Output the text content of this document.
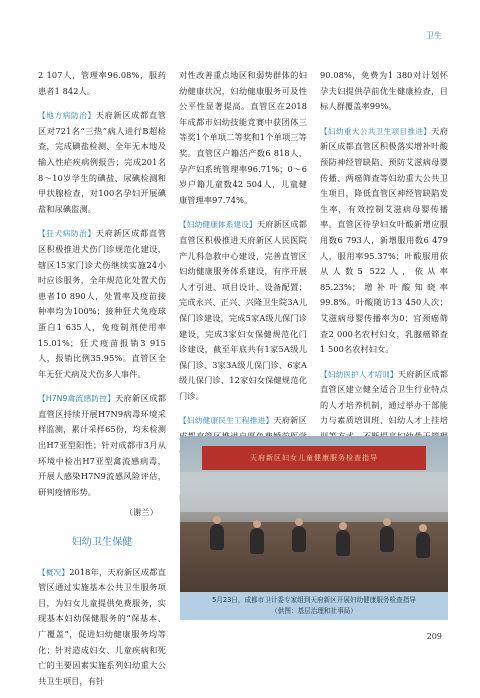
卫生

2 107人，管理率96.08%，服药患者1 842人。

【地方病防治】天府新区成都直管区对721名“三热”病人进行B超检查，完成碘盐检测、全年无本地及输入性疟疾病例报告；完成201名8～10岁学生的碘盐、尿碘检测和甲状腺检查，对100名孕妇开展碘盐和尿碘监测。

【狂犬病防治】天府新区成都直管区积极推进犬伤门诊规范化建设，辖区15家门诊犬伤继续实施24小时应诊服务，全年规范化处置犬伤患者10 890人，处置率及疫苗接种率均为100%；接种狂犬免疫球蛋白1 635人，免疫制剂使用率15.01%；狂犬疫苗报销3 915人，报销比例35.95%。直管区全年无狂犬病及犬伤多人事件。

【H7N9禽流感防控】天府新区成都直管区持续开展H7N9病毒环境采样监测，累计采样65份，均未检测出H7亚型阳性；针对成都市3月从环境中检出H7亚型禽流感病毒，开展人感染H7N9流感风险评估，研判疫情形势。

（谢兰）
妇幼卫生保健

【概况】2018年，天府新区成都直管区通过实施基本公共卫生服务项目，为妇女儿童提供免费服务，实现基本妇幼保健服务的“保基本、广覆盖”，促进妇幼健康服务均等化；针对造成妇女、儿童疾病和死亡的主要因素实施系列妇幼重大公共卫生项目，有针

对性改善重点地区和弱势群体的妇幼健康状况，妇幼健康服务可及性公平性显著提高。直管区在2018年成都市妇幼技能竞赛中获团体三等奖1个单项二等奖和1个单项三等奖。直管区户籍活产数6 818人，孕产妇系统管理率96.71%；0～6岁户籍儿童数42 504人，儿童健康管理率97.74%。

【妇幼健康体系建设】天府新区成都直管区积极推进天府新区人民医院产儿科急救中心建设，完善直管区妇幼健康服务体系建设，有序开展人才引进、项目设计、设备配置；完成永兴、正兴、兴隆卫生院3A儿保门诊建设，完成5家A级儿保门诊建设，完成3家妇女保健规范化门诊建设，截至年底共有1家5A级儿保门诊、3家3A级儿保门诊、6家A级儿保门诊、12家妇女保健规范化门诊。

【妇幼健康民生工程推进】天府新区

90.08%，免费为1 380对计划怀孕夫妇提供孕前优生健康检查，目标人群覆盖率99%。

【妇幼重大公共卫生项目推进】天府新区成都直管区积极落实增补叶酸预防神经管缺陷、预防艾滋病母婴传播、两癌筛查等妇幼重大公共卫生项目，降低直管区神经管缺陷发生率，有效控制艾滋病母婴传播率。直管区待孕妇女叶酸新增应服用数6 793人，新增服用数6 479人，服用率95.37%；叶酸服用依从人数5 522人，依从率85.23%；增补叶酸知晓率99.8%。叶酸随访13 450人次；艾滋病母婴传播率为0；宫颈癌筛查2 000名农村妇女，乳腺癌筛查1 500名农村妇女。

【妇幼医护人才培训】天府新区成都直管区建立健全适合卫生行业特点的人才培养机制，通过举办干部能力与素质培训班、妇幼人才上挂培

天府新区妇女儿童健康服务检查指导
5月23日，成都市卫计委专家组到天府新区开展妇幼健康服务检查指导
（供图：基层治理和社事局）
209
